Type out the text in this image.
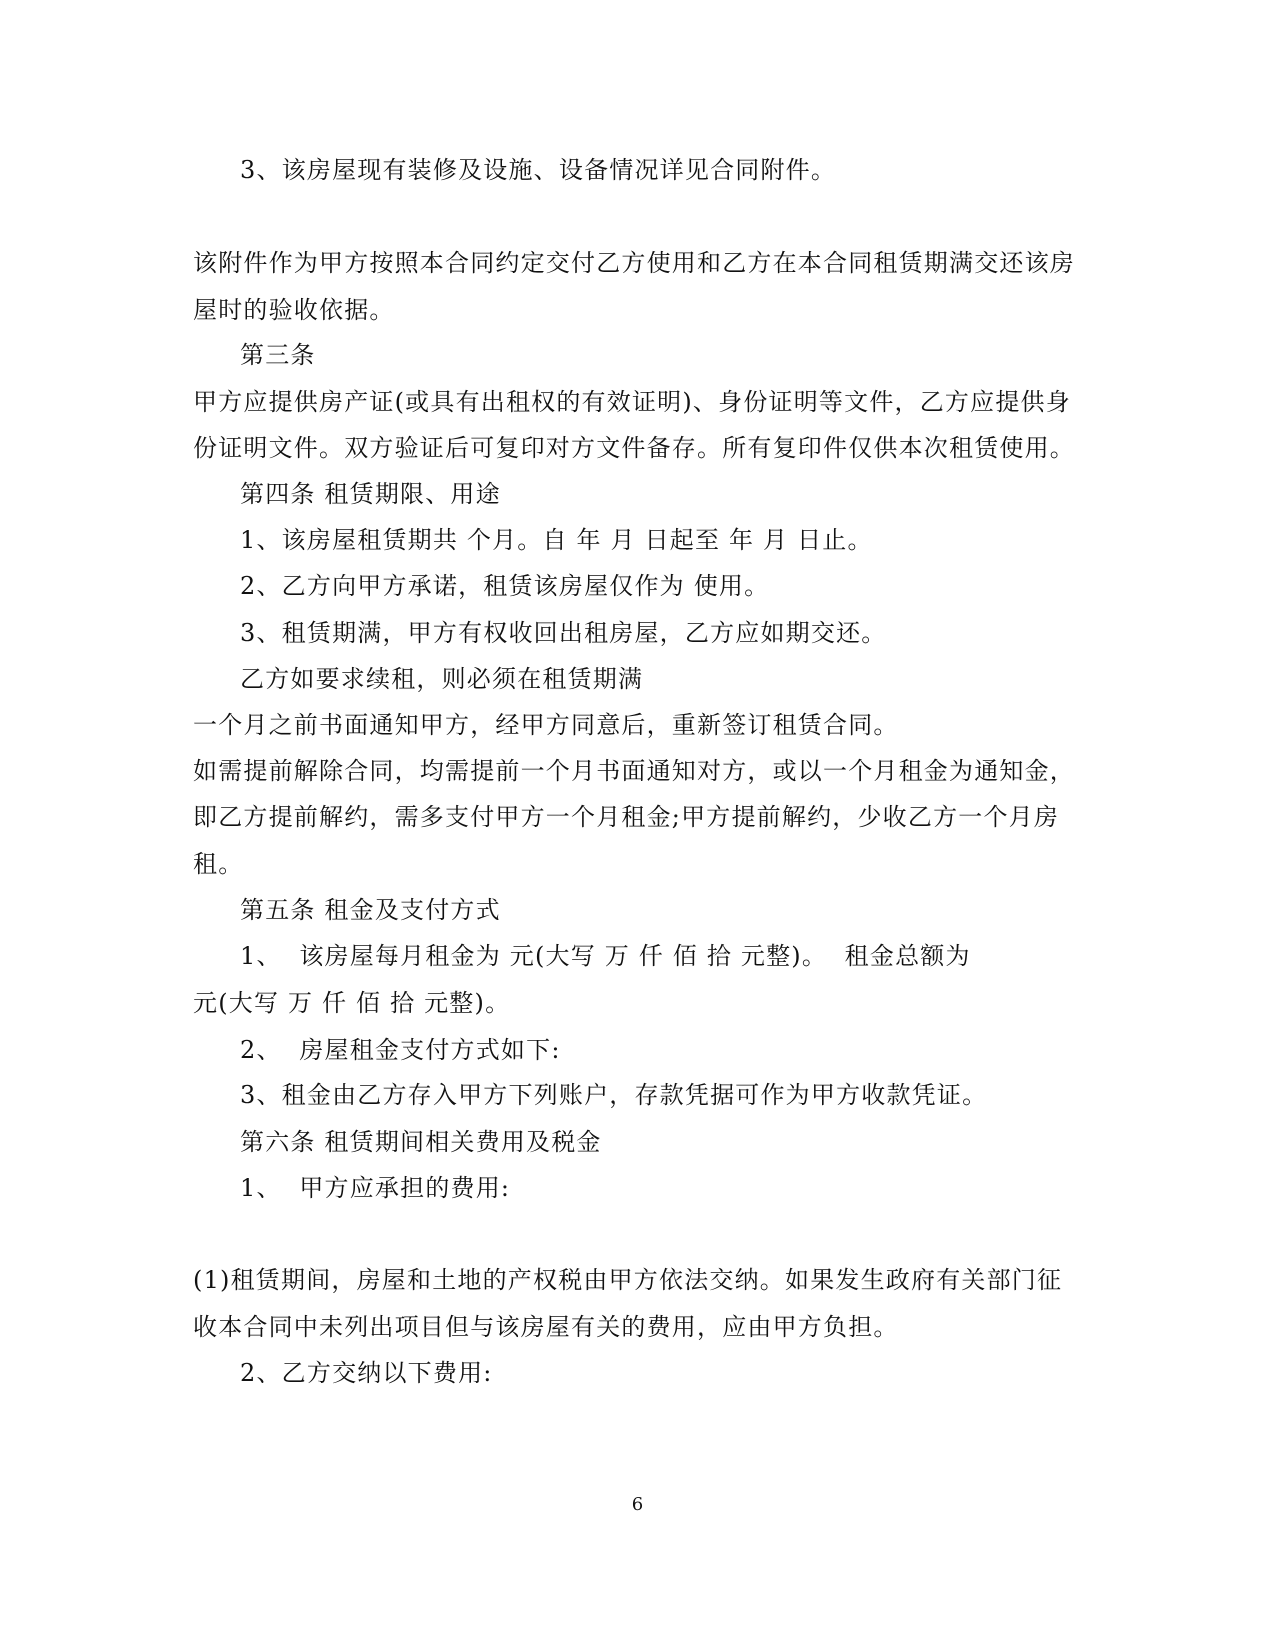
3、该房屋现有装修及设施、设备情况详见合同附件。
该附件作为甲方按照本合同约定交付乙方使用和乙方在本合同租赁期满交还该房
屋时的验收依据。
第三条
甲方应提供房产证(或具有出租权的有效证明)、身份证明等文件，乙方应提供身
份证明文件。双方验证后可复印对方文件备存。所有复印件仅供本次租赁使用。
第四条 租赁期限、用途
1、该房屋租赁期共 个月。自 年 月 日起至 年 月 日止。
2、乙方向甲方承诺，租赁该房屋仅作为 使用。
3、租赁期满，甲方有权收回出租房屋，乙方应如期交还。
乙方如要求续租，则必须在租赁期满
一个月之前书面通知甲方，经甲方同意后，重新签订租赁合同。
如需提前解除合同，均需提前一个月书面通知对方，或以一个月租金为通知金，
即乙方提前解约，需多支付甲方一个月租金;甲方提前解约，少收乙方一个月房
租。
第五条 租金及支付方式
1、  该房屋每月租金为 元(大写 万 仟 佰 拾 元整)。  租金总额为
元(大写 万 仟 佰 拾 元整)。
2、  房屋租金支付方式如下:
3、租金由乙方存入甲方下列账户，存款凭据可作为甲方收款凭证。
第六条 租赁期间相关费用及税金
1、  甲方应承担的费用:
(1)租赁期间，房屋和土地的产权税由甲方依法交纳。如果发生政府有关部门征
收本合同中未列出项目但与该房屋有关的费用，应由甲方负担。
2、乙方交纳以下费用:
6
